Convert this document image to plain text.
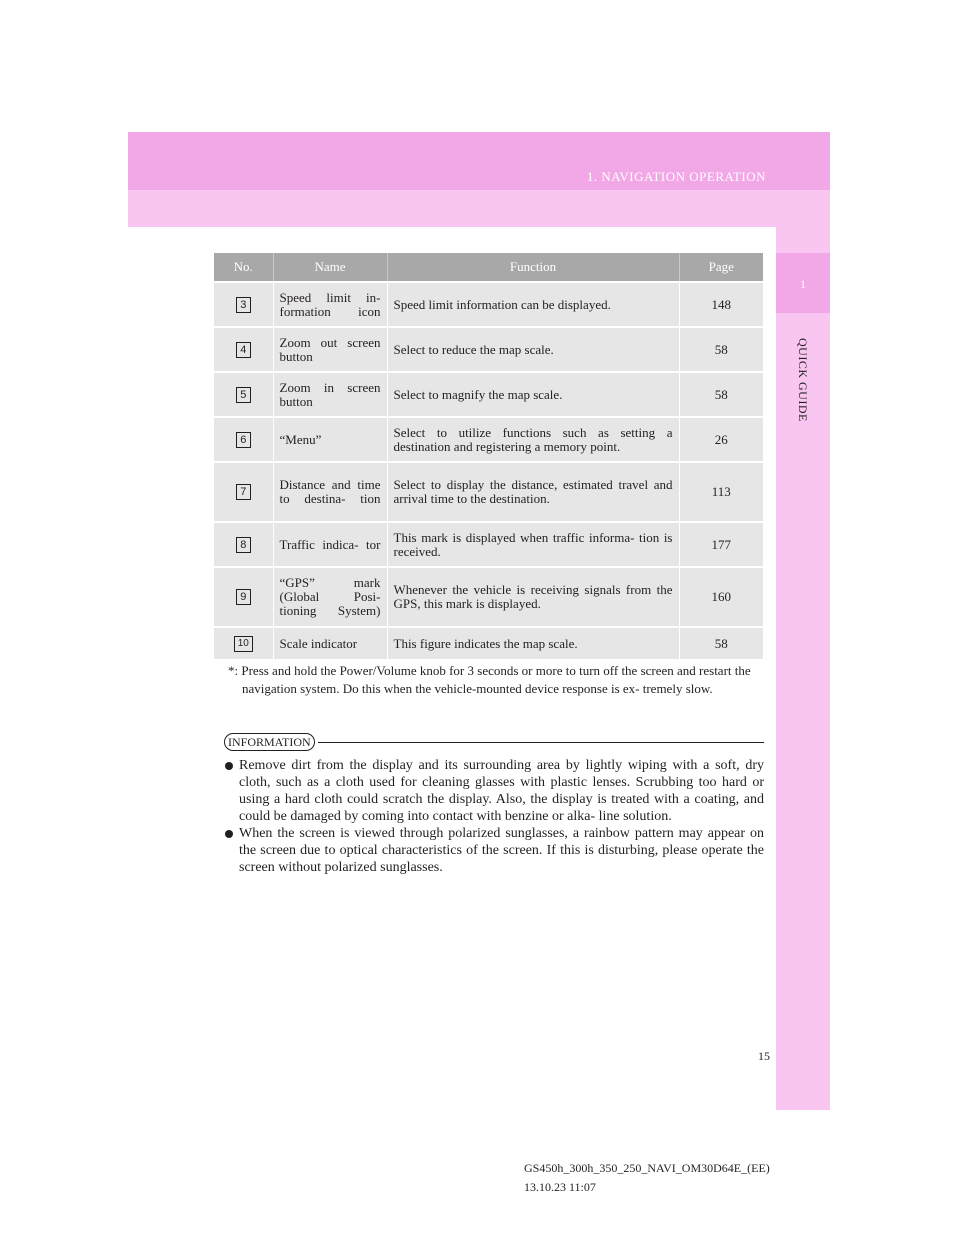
1. NAVIGATION OPERATION
1
QUICK GUIDE
No.	Name	Function	Page
3	Speed limit in- formation icon	Speed limit information can be displayed.	148
4	Zoom out screen button	Select to reduce the map scale.	58
5	Zoom in screen button	Select to magnify the map scale.	58
6	“Menu”	Select to utilize functions such as setting a destination and registering a memory point.	26
7	Distance and time to destina- tion	Select to display the distance, estimated travel and arrival time to the destination.	113
8	Traffic indica- tor	This mark is displayed when traffic informa- tion is received.	177
9	“GPS” mark (Global Posi- tioning System)	Whenever the vehicle is receiving signals from the GPS, this mark is displayed.	160
10	Scale indicator	This figure indicates the map scale.	58
*: Press and hold the Power/Volume knob for 3 seconds or more to turn off the screen and restart the navigation system. Do this when the vehicle-mounted device response is ex- tremely slow.
INFORMATION
Remove dirt from the display and its surrounding area by lightly wiping with a soft, dry cloth, such as a cloth used for cleaning glasses with plastic lenses. Scrubbing too hard or using a hard cloth could scratch the display. Also, the display is treated with a coating, and could be damaged by coming into contact with benzine or alka- line solution.
When the screen is viewed through polarized sunglasses, a rainbow pattern may appear on the screen due to optical characteristics of the screen. If this is disturbing, please operate the screen without polarized sunglasses.
15
GS450h_300h_350_250_NAVI_OM30D64E_(EE)
13.10.23 11:07
